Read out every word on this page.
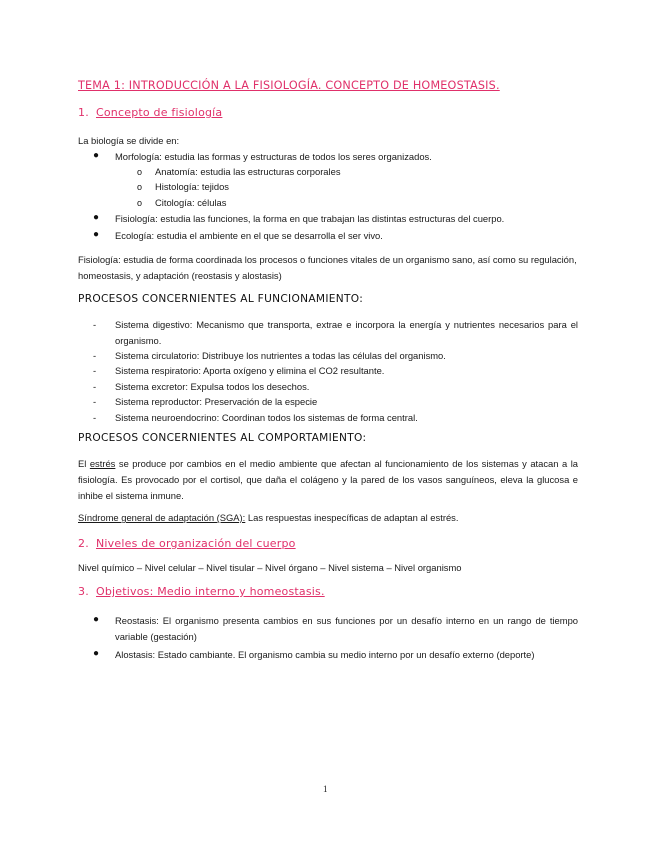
TEMA 1: INTRODUCCIÓN A LA FISIOLOGÍA. CONCEPTO DE HOMEOSTASIS.
1. Concepto de fisiología
La biología se divide en:
● Morfología: estudia las formas y estructuras de todos los seres organizados.
o Anatomía: estudia las estructuras corporales
o Histología: tejidos
o Citología: células
● Fisiología: estudia las funciones, la forma en que trabajan las distintas estructuras del cuerpo.
● Ecología: estudia el ambiente en el que se desarrolla el ser vivo.
Fisiología: estudia de forma coordinada los procesos o funciones vitales de un organismo sano, así como su regulación, homeostasis, y adaptación (reostasis y alostasis)
PROCESOS CONCERNIENTES AL FUNCIONAMIENTO:
- Sistema digestivo: Mecanismo que transporta, extrae e incorpora la energía y nutrientes necesarios para el organismo.
- Sistema circulatorio: Distribuye los nutrientes a todas las células del organismo.
- Sistema respiratorio: Aporta oxígeno y elimina el CO2 resultante.
- Sistema excretor: Expulsa todos los desechos.
- Sistema reproductor: Preservación de la especie
- Sistema neuroendocrino: Coordinan todos los sistemas de forma central.
PROCESOS CONCERNIENTES AL COMPORTAMIENTO:
El estrés se produce por cambios en el medio ambiente que afectan al funcionamiento de los sistemas y atacan a la fisiología. Es provocado por el cortisol, que daña el colágeno y la pared de los vasos sanguíneos, eleva la glucosa e inhibe el sistema inmune.
Síndrome general de adaptación (SGA): Las respuestas inespecíficas de adaptan al estrés.
2. Niveles de organización del cuerpo
Nivel químico – Nivel celular – Nivel tisular – Nivel órgano – Nivel sistema – Nivel organismo
3. Objetivos: Medio interno y homeostasis.
● Reostasis: El organismo presenta cambios en sus funciones por un desafío interno en un rango de tiempo variable (gestación)
● Alostasis: Estado cambiante. El organismo cambia su medio interno por un desafío externo (deporte)
1
